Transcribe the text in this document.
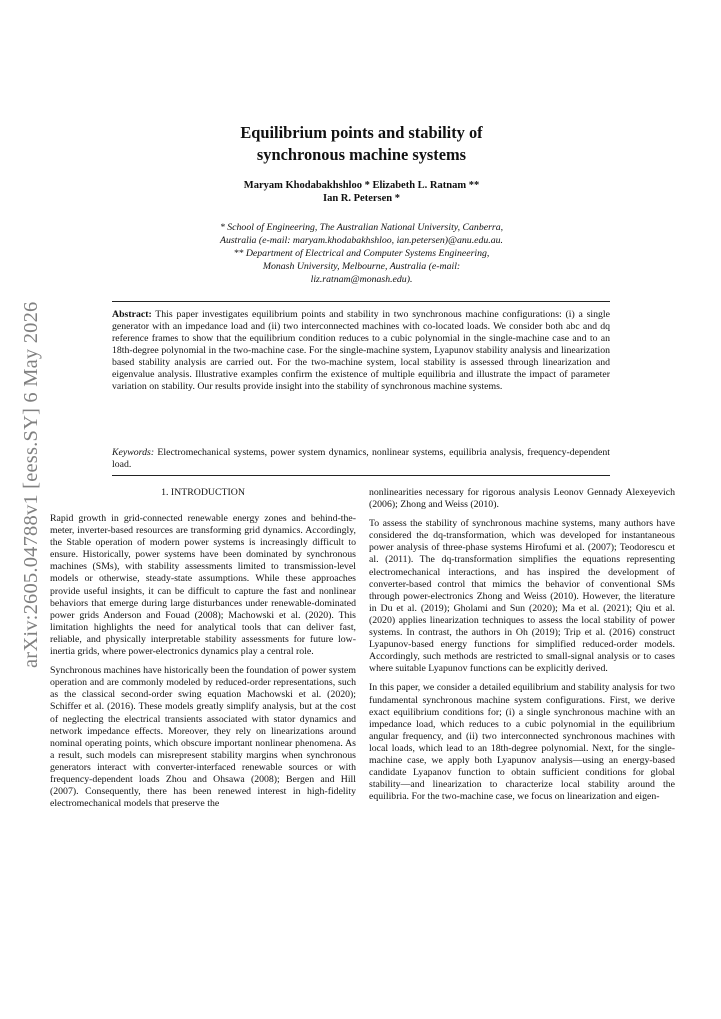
arXiv:2605.04788v1 [eess.SY] 6 May 2026
Equilibrium points and stability of
synchronous machine systems
Maryam Khodabakhshloo * Elizabeth L. Ratnam **
Ian R. Petersen *
* School of Engineering, The Australian National University, Canberra,
Australia (e-mail: maryam.khodabakhshloo, ian.petersen)@anu.edu.au.
** Department of Electrical and Computer Systems Engineering,
Monash University, Melbourne, Australia (e-mail:
liz.ratnam@monash.edu).
Abstract: This paper investigates equilibrium points and stability in two synchronous machine configurations: (i) a single generator with an impedance load and (ii) two interconnected machines with co-located loads. We consider both abc and dq reference frames to show that the equilibrium condition reduces to a cubic polynomial in the single-machine case and to an 18th-degree polynomial in the two-machine case. For the single-machine system, Lyapunov stability analysis and linearization based stability analysis are carried out. For the two-machine system, local stability is assessed through linearization and eigenvalue analysis. Illustrative examples confirm the existence of multiple equilibria and illustrate the impact of parameter variation on stability. Our results provide insight into the stability of synchronous machine systems.
Keywords: Electromechanical systems, power system dynamics, nonlinear systems, equilibria analysis, frequency-dependent load.
1. INTRODUCTION

Rapid growth in grid-connected renewable energy zones and behind-the-meter, inverter-based resources are transforming grid dynamics. Accordingly, the Stable operation of modern power systems is increasingly difficult to ensure. Historically, power systems have been dominated by synchronous machines (SMs), with stability assessments limited to transmission-level models or otherwise, steady-state assumptions. While these approaches provide useful insights, it can be difficult to capture the fast and nonlinear behaviors that emerge during large disturbances under renewable-dominated power grids Anderson and Fouad (2008); Machowski et al. (2020). This limitation highlights the need for analytical tools that can deliver fast, reliable, and physically interpretable stability assessments for future low-inertia grids, where power-electronics dynamics play a central role.

Synchronous machines have historically been the foundation of power system operation and are commonly modeled by reduced-order representations, such as the classical second-order swing equation Machowski et al. (2020); Schiffer et al. (2016). These models greatly simplify analysis, but at the cost of neglecting the electrical transients associated with stator dynamics and network impedance effects. Moreover, they rely on linearizations around nominal operating points, which obscure important nonlinear phenomena. As a result, such models can misrepresent stability margins when synchronous generators interact with converter-interfaced renewable sources or with frequency-dependent loads Zhou and Ohsawa (2008); Bergen and Hill (2007). Consequently, there has been renewed interest in high-fidelity electromechanical models that preserve the

nonlinearities necessary for rigorous analysis Leonov Gennady Alexeyevich (2006); Zhong and Weiss (2010).

To assess the stability of synchronous machine systems, many authors have considered the dq-transformation, which was developed for instantaneous power analysis of three-phase systems Hirofumi et al. (2007); Teodorescu et al. (2011). The dq-transformation simplifies the equations representing electromechanical interactions, and has inspired the development of converter-based control that mimics the behavior of conventional SMs through power-electronics Zhong and Weiss (2010). However, the literature in Du et al. (2019); Gholami and Sun (2020); Ma et al. (2021); Qiu et al. (2020) applies linearization techniques to assess the local stability of power systems. In contrast, the authors in Oh (2019); Trip et al. (2016) construct Lyapunov-based energy functions for simplified reduced-order models. Accordingly, such methods are restricted to small-signal analysis or to cases where suitable Lyapunov functions can be explicitly derived.

In this paper, we consider a detailed equilibrium and stability analysis for two fundamental synchronous machine system configurations. First, we derive exact equilibrium conditions for; (i) a single synchronous machine with an impedance load, which reduces to a cubic polynomial in the equilibrium angular frequency, and (ii) two interconnected synchronous machines with local loads, which lead to an 18th-degree polynomial. Next, for the single-machine case, we apply both Lyapunov analysis—using an energy-based candidate Lyapanov function to obtain sufficient conditions for global stability—and linearization to characterize local stability around the equilibria. For the two-machine case, we focus on linearization and eigen-
